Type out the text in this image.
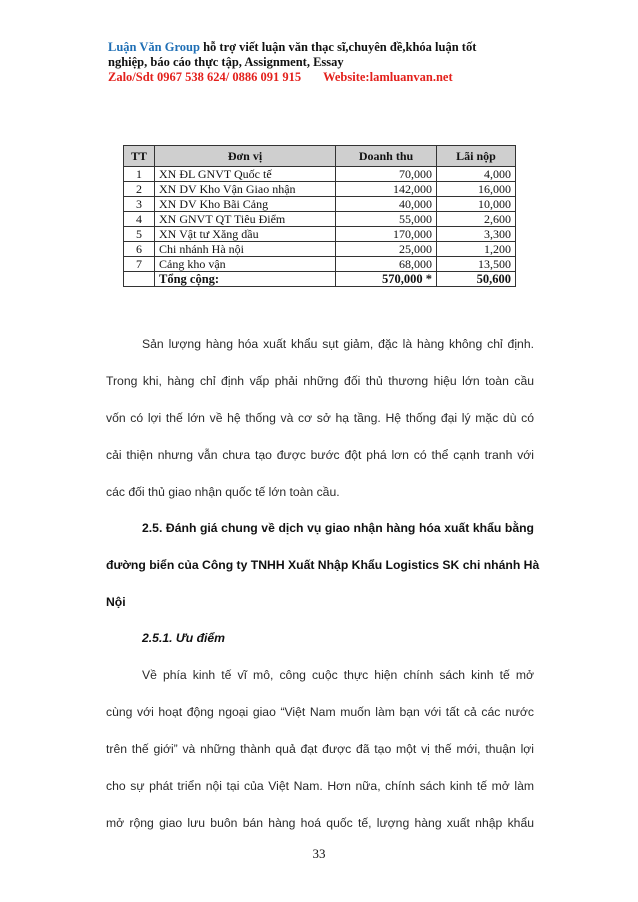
Luận Văn Group hỗ trợ viết luận văn thạc sĩ,chuyên đề,khóa luận tốt
nghiệp, báo cáo thực tập, Assignment, Essay
Zalo/Sdt 0967 538 624/ 0886 091 915 Website:lamluanvan.net
TT	Đơn vị	Doanh thu	Lãi nộp
1	XN ĐL GNVT Quốc tế	70,000	4,000
2	XN DV Kho Vận Giao nhận	142,000	16,000
3	XN DV Kho Bãi Cảng	40,000	10,000
4	XN GNVT QT Tiêu Điểm	55,000	2,600
5	XN Vật tư Xăng dầu	170,000	3,300
6	Chi nhánh Hà nội	25,000	1,200
7	Cảng kho vận	68,000	13,500
	Tổng cộng:	570,000 *	50,600
Sản lượng hàng hóa xuất khẩu sụt giảm, đặc là hàng không chỉ định.
Trong khi, hàng chỉ định vấp phải những đối thủ thương hiệu lớn toàn cầu
vốn có lợi thế lớn về hệ thống và cơ sở hạ tầng. Hệ thống đại lý mặc dù có
cải thiện nhưng vẫn chưa tạo được bước đột phá lơn có thể cạnh tranh với
các đối thủ giao nhận quốc tế lớn toàn cầu.
2.5. Đánh giá chung về dịch vụ giao nhận hàng hóa xuất khẩu bằng
đường biển của Công ty TNHH Xuất Nhập Khẩu Logistics SK chi nhánh Hà
Nội
2.5.1. Ưu điểm
Về phía kinh tế vĩ mô, công cuộc thực hiện chính sách kinh tế mở
cùng với hoạt động ngoại giao “Việt Nam muốn làm bạn với tất cả các nước
trên thế giới” và những thành quả đạt được đã tạo một vị thế mới, thuận lợi
cho sự phát triển nội tại của Việt Nam. Hơn nữa, chính sách kinh tế mở làm
mở rộng giao lưu buôn bán hàng hoá quốc tế, lượng hàng xuất nhập khẩu
33
